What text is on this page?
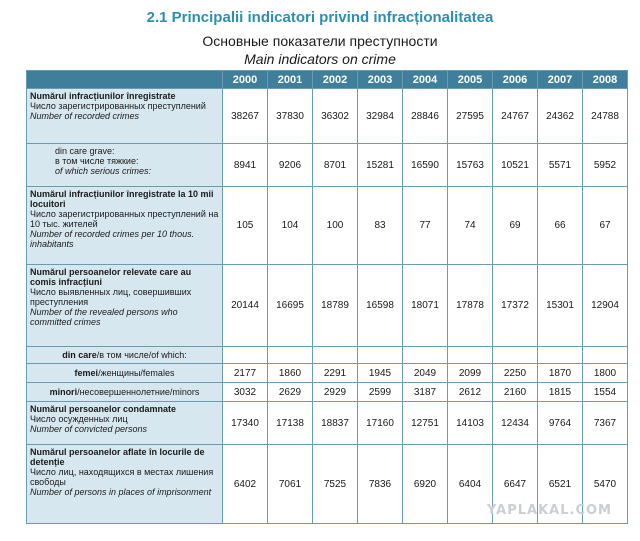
2.1 Principalii indicatori privind infracționalitatea
Основные показатели преступности
Main indicators on crime
	2000	2001	2002	2003	2004	2005	2006	2007	2008

Numărul infracțiunilor înregistrate
Число зарегистрированных преступлений
Number of recorded crimes	38267	37830	36302	32984	28846	27595	24767	24362	24788

din care grave:
в том числе тяжкие:
of which serious crimes:	8941	9206	8701	15281	16590	15763	10521	5571	5952

Numărul infracțiunilor înregistrate la 10 mii locuitori
Число зарегистрированных преступлений на 10 тыс. жителей
Number of recorded crimes per 10 thous. inhabitants	105	104	100	83	77	74	69	66	67

Numărul persoanelor relevate care au comis infracțiuni
Число выявленных лиц, совершивших преступления
Number of the revealed persons who committed crimes	20144	16695	18789	16598	18071	17878	17372	15301	12904
din care/в том числе/of which:									
femei/женщины/females	2177	1860	2291	1945	2049	2099	2250	1870	1800
minori/несовершеннолетние/minors	3032	2629	2929	2599	3187	2612	2160	1815	1554

Numărul persoanelor condamnate
Число осужденных лиц
Number of convicted persons	17340	17138	18837	17160	12751	14103	12434	9764	7367

Numărul persoanelor aflate în locurile de detenție
Число лиц, находящихся в местах лишения свободы
Number of persons in places of imprisonment	6402	7061	7525	7836	6920	6404	6647	6521	5470
YAPLAKAL.COM
